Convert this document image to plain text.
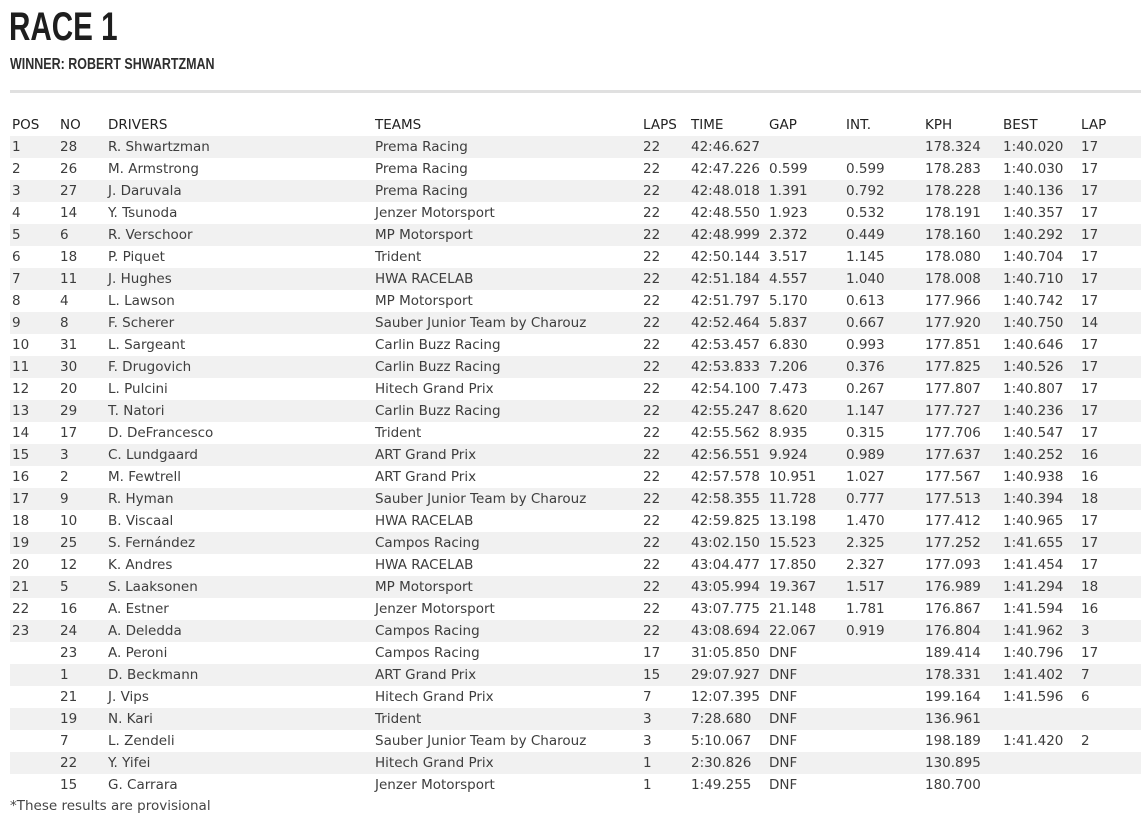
RACE 1
WINNER: ROBERT SHWARTZMAN
POS	NO	DRIVERS	TEAMS	LAPS	TIME	GAP	INT.	KPH	BEST	LAP
1	28	R. Shwartzman	Prema Racing	22	42:46.627			178.324	1:40.020	17
2	26	M. Armstrong	Prema Racing	22	42:47.226	0.599	0.599	178.283	1:40.030	17
3	27	J. Daruvala	Prema Racing	22	42:48.018	1.391	0.792	178.228	1:40.136	17
4	14	Y. Tsunoda	Jenzer Motorsport	22	42:48.550	1.923	0.532	178.191	1:40.357	17
5	6	R. Verschoor	MP Motorsport	22	42:48.999	2.372	0.449	178.160	1:40.292	17
6	18	P. Piquet	Trident	22	42:50.144	3.517	1.145	178.080	1:40.704	17
7	11	J. Hughes	HWA RACELAB	22	42:51.184	4.557	1.040	178.008	1:40.710	17
8	4	L. Lawson	MP Motorsport	22	42:51.797	5.170	0.613	177.966	1:40.742	17
9	8	F. Scherer	Sauber Junior Team by Charouz	22	42:52.464	5.837	0.667	177.920	1:40.750	14
10	31	L. Sargeant	Carlin Buzz Racing	22	42:53.457	6.830	0.993	177.851	1:40.646	17
11	30	F. Drugovich	Carlin Buzz Racing	22	42:53.833	7.206	0.376	177.825	1:40.526	17
12	20	L. Pulcini	Hitech Grand Prix	22	42:54.100	7.473	0.267	177.807	1:40.807	17
13	29	T. Natori	Carlin Buzz Racing	22	42:55.247	8.620	1.147	177.727	1:40.236	17
14	17	D. DeFrancesco	Trident	22	42:55.562	8.935	0.315	177.706	1:40.547	17
15	3	C. Lundgaard	ART Grand Prix	22	42:56.551	9.924	0.989	177.637	1:40.252	16
16	2	M. Fewtrell	ART Grand Prix	22	42:57.578	10.951	1.027	177.567	1:40.938	16
17	9	R. Hyman	Sauber Junior Team by Charouz	22	42:58.355	11.728	0.777	177.513	1:40.394	18
18	10	B. Viscaal	HWA RACELAB	22	42:59.825	13.198	1.470	177.412	1:40.965	17
19	25	S. Fernández	Campos Racing	22	43:02.150	15.523	2.325	177.252	1:41.655	17
20	12	K. Andres	HWA RACELAB	22	43:04.477	17.850	2.327	177.093	1:41.454	17
21	5	S. Laaksonen	MP Motorsport	22	43:05.994	19.367	1.517	176.989	1:41.294	18
22	16	A. Estner	Jenzer Motorsport	22	43:07.775	21.148	1.781	176.867	1:41.594	16
23	24	A. Deledda	Campos Racing	22	43:08.694	22.067	0.919	176.804	1:41.962	3
	23	A. Peroni	Campos Racing	17	31:05.850	DNF		189.414	1:40.796	17
	1	D. Beckmann	ART Grand Prix	15	29:07.927	DNF		178.331	1:41.402	7
	21	J. Vips	Hitech Grand Prix	7	12:07.395	DNF		199.164	1:41.596	6
	19	N. Kari	Trident	3	7:28.680	DNF		136.961		
	7	L. Zendeli	Sauber Junior Team by Charouz	3	5:10.067	DNF		198.189	1:41.420	2
	22	Y. Yifei	Hitech Grand Prix	1	2:30.826	DNF		130.895		
	15	G. Carrara	Jenzer Motorsport	1	1:49.255	DNF		180.700		

*These results are provisional
